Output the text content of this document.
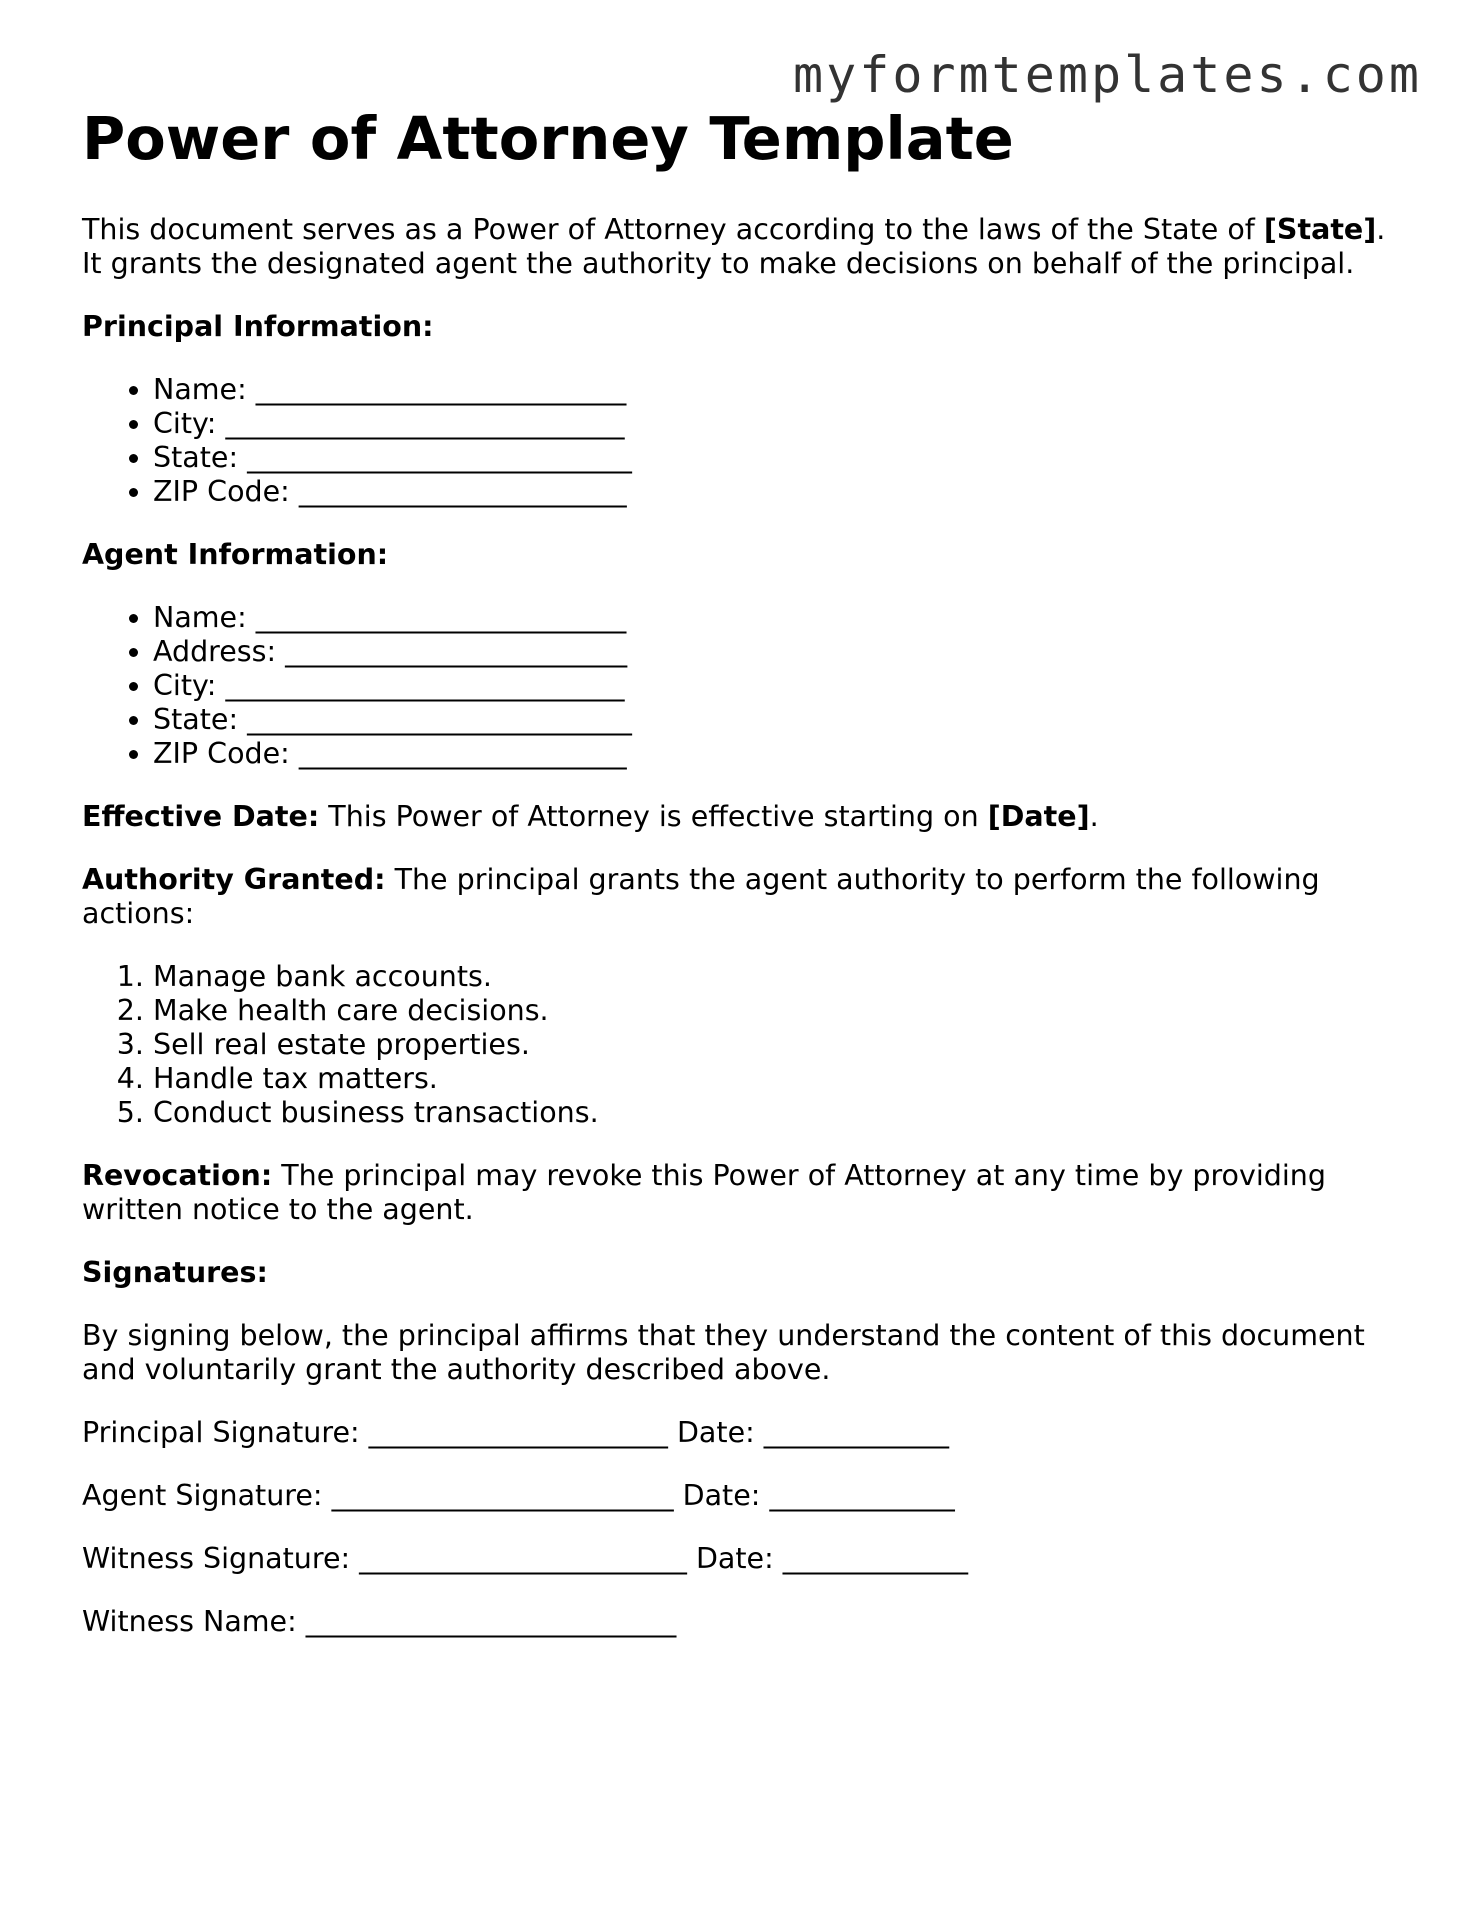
myformtemplates.com
Power of Attorney Template

This document serves as a Power of Attorney according to the laws of the State of [State]. It grants the designated agent the authority to make decisions on behalf of the principal.

Principal Information:

• Name: __________________________
• City: ____________________________
• State: ___________________________
• ZIP Code: _______________________

Agent Information:

• Name: __________________________
• Address: ________________________
• City: ____________________________
• State: ___________________________
• ZIP Code: _______________________

Effective Date: This Power of Attorney is effective starting on [Date].

Authority Granted: The principal grants the agent authority to perform the following actions:

1. Manage bank accounts.
2. Make health care decisions.
3. Sell real estate properties.
4. Handle tax matters.
5. Conduct business transactions.

Revocation: The principal may revoke this Power of Attorney at any time by providing written notice to the agent.

Signatures:

By signing below, the principal affirms that they understand the content of this document and voluntarily grant the authority described above.

Principal Signature: _____________________ Date: _____________

Agent Signature: ________________________ Date: _____________

Witness Signature: _______________________ Date: _____________

Witness Name: __________________________
